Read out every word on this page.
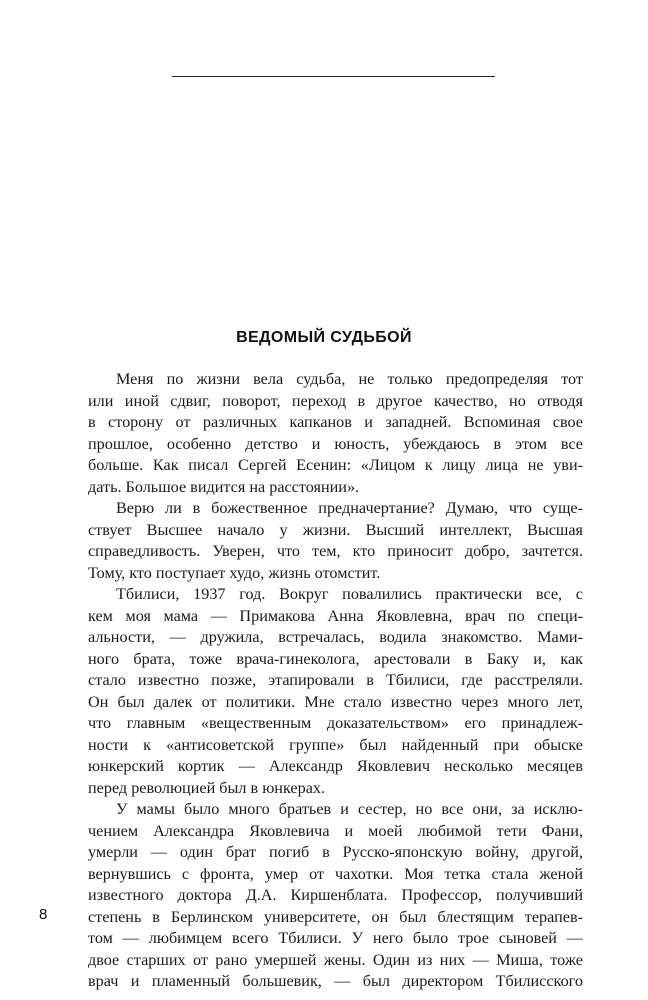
ВЕДОМЫЙ СУДЬБОЙ
Меня по жизни вела судьба, не только предопределяя тот
или иной сдвиг, поворот, переход в другое качество, но отводя
в сторону от различных капканов и западней. Вспоминая свое
прошлое, особенно детство и юность, убеждаюсь в этом все
больше. Как писал Сергей Есенин: «Лицом к лицу лица не уви-
дать. Большое видится на расстоянии».
Верю ли в божественное предначертание? Думаю, что суще-
ствует Высшее начало у жизни. Высший интеллект, Высшая
справедливость. Уверен, что тем, кто приносит добро, зачтется.
Тому, кто поступает худо, жизнь отомстит.
Тбилиси, 1937 год. Вокруг повалились практически все, с
кем моя мама — Примакова Анна Яковлевна, врач по специ-
альности, — дружила, встречалась, водила знакомство. Мами-
ного брата, тоже врача-гинеколога, арестовали в Баку и, как
стало известно позже, этапировали в Тбилиси, где расстреляли.
Он был далек от политики. Мне стало известно через много лет,
что главным «вещественным доказательством» его принадлеж-
ности к «антисоветской группе» был найденный при обыске
юнкерский кортик — Александр Яковлевич несколько месяцев
перед революцией был в юнкерах.
У мамы было много братьев и сестер, но все они, за исклю-
чением Александра Яковлевича и моей любимой тети Фани,
умерли — один брат погиб в Русско-японскую войну, другой,
вернувшись с фронта, умер от чахотки. Моя тетка стала женой
известного доктора Д.А. Киршенблата. Профессор, получивший
степень в Берлинском университете, он был блестящим терапев-
том — любимцем всего Тбилиси. У него было трое сыновей —
двое старших от рано умершей жены. Один из них — Миша, тоже
врач и пламенный большевик, — был директором Тбилисского
8
